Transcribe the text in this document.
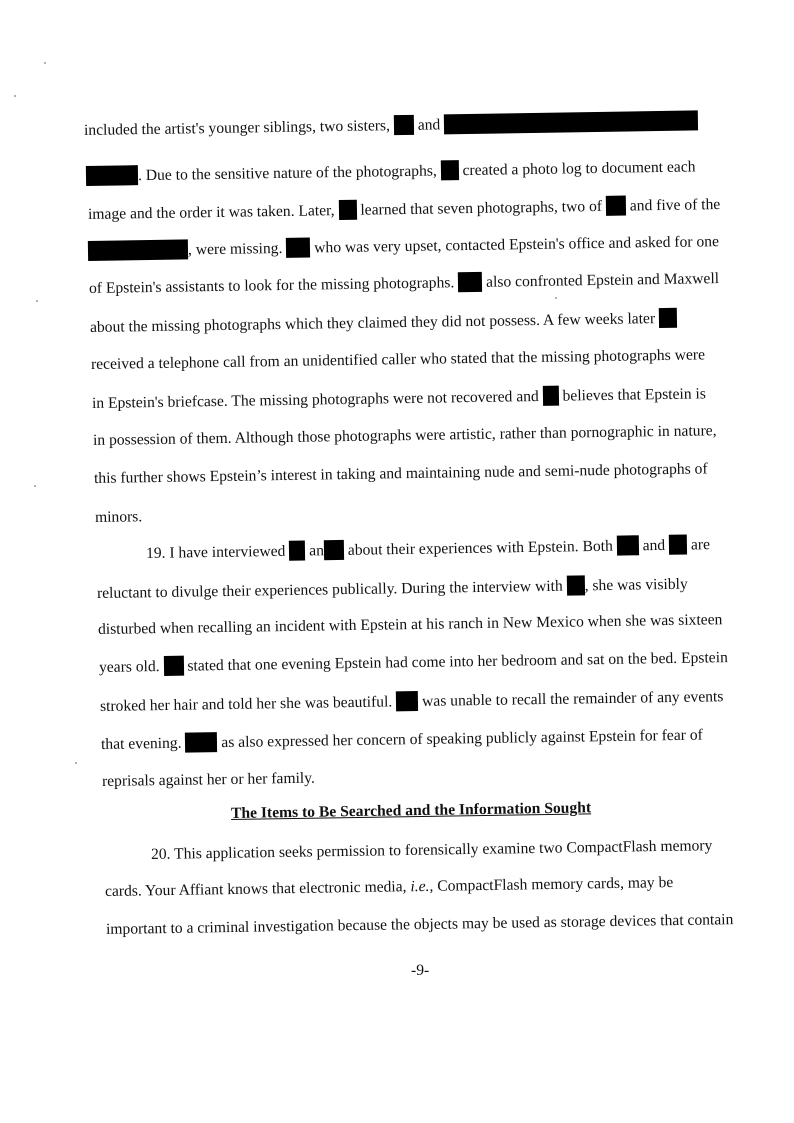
included the artist's younger siblings, two sisters,  and
. Due to the sensitive nature of the photographs,  created a photo log to document each
image and the order it was taken. Later,  learned that seven photographs, two of  and five of the
, were missing.  who was very upset, contacted Epstein's office and asked for one
of Epstein's assistants to look for the missing photographs.  also confronted Epstein and Maxwell
about the missing photographs which they claimed they did not possess. A few weeks later
received a telephone call from an unidentified caller who stated that the missing photographs were
in Epstein's briefcase. The missing photographs were not recovered and  believes that Epstein is
in possession of them. Although those photographs were artistic, rather than pornographic in nature,
this further shows Epstein’s interest in taking and maintaining nude and semi-nude photographs of
minors.
19. I have interviewed  an about their experiences with Epstein. Both  and  are
reluctant to divulge their experiences publically. During the interview with , she was visibly
disturbed when recalling an incident with Epstein at his ranch in New Mexico when she was sixteen
years old.  stated that one evening Epstein had come into her bedroom and sat on the bed. Epstein
stroked her hair and told her she was beautiful.  was unable to recall the remainder of any events
that evening.  as also expressed her concern of speaking publicly against Epstein for fear of
reprisals against her or her family.
The Items to Be Searched and the Information Sought
20. This application seeks permission to forensically examine two CompactFlash memory
cards. Your Affiant knows that electronic media, i.e., CompactFlash memory cards, may be
important to a criminal investigation because the objects may be used as storage devices that contain
-9-
